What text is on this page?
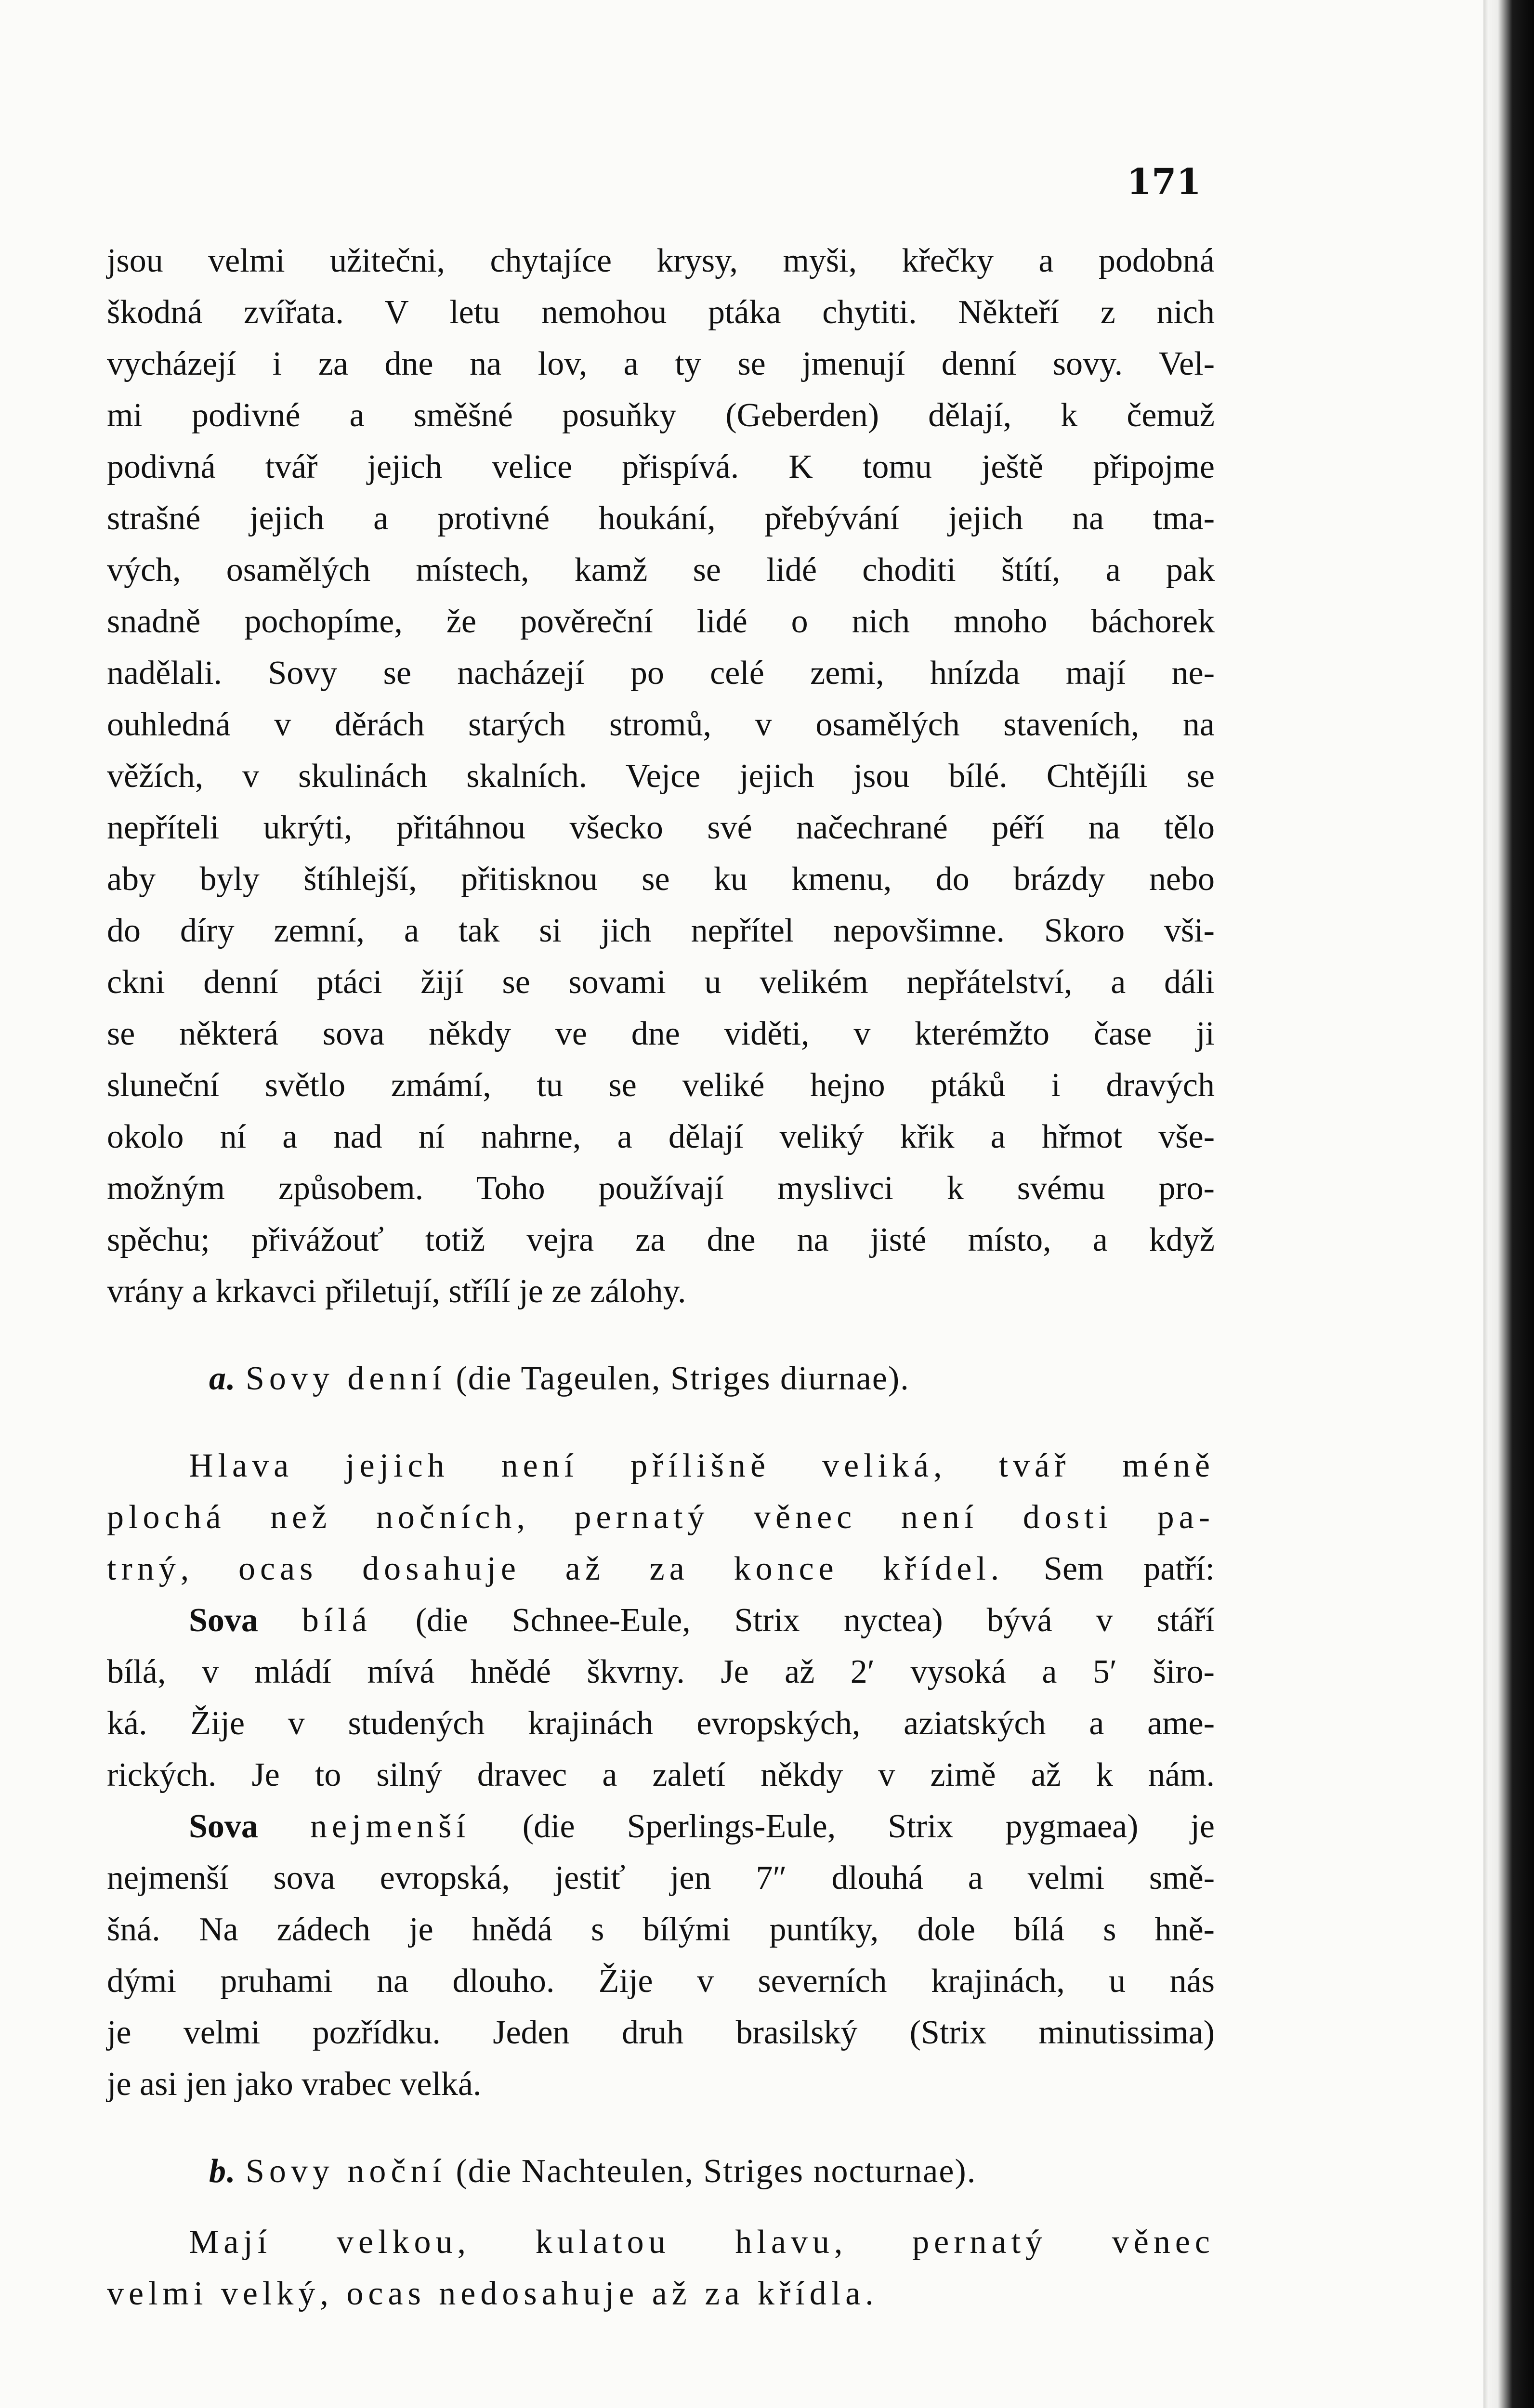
171
jsou velmi užitečni, chytajíce krysy, myši, křečky a podobná
škodná zvířata. V letu nemohou ptáka chytiti. Někteří z nich
vycházejí i za dne na lov, a ty se jmenují denní sovy. Vel-
mi podivné a směšné posuňky (Geberden) dělají, k čemuž
podivná tvář jejich velice přispívá. K tomu ještě připojme
strašné jejich a protivné houkání, přebývání jejich na tma-
vých, osamělých místech, kamž se lidé choditi štítí, a pak
snadně pochopíme, že pověreční lidé o nich mnoho báchorek
nadělali. Sovy se nacházejí po celé zemi, hnízda mají ne-
ouhledná v děrách starých stromů, v osamělých staveních, na
věžích, v skulinách skalních. Vejce jejich jsou bílé. Chtějíli se
nepříteli ukrýti, přitáhnou všecko své načechrané péří na tělo
aby byly štíhlejší, přitisknou se ku kmenu, do brázdy nebo
do díry zemní, a tak si jich nepřítel nepovšimne. Skoro vši-
ckni denní ptáci žijí se sovami u velikém nepřátelství, a dáli
se některá sova někdy ve dne viděti, v kterémžto čase ji
sluneční světlo zmámí, tu se veliké hejno ptáků i dravých
okolo ní a nad ní nahrne, a dělají veliký křik a hřmot vše-
možným způsobem. Toho používají myslivci k svému pro-
spěchu; přivážouť totiž vejra za dne na jisté místo, a když
vrány a krkavci přiletují, střílí je ze zálohy.
a. Sovy denní (die Tageulen, Striges diurnae).
Hlava jejich není přílišně veliká, tvář méně
plochá než nočních, pernatý věnec není dosti pa-
trný, ocas dosahuje až za konce křídel. Sem patří:
Sova bílá (die Schnee-Eule, Strix nyctea) bývá v stáří
bílá, v mládí mívá hnědé škvrny. Je až 2′ vysoká a 5′ širo-
ká. Žije v studených krajinách evropských, aziatských a ame-
rických. Je to silný dravec a zaletí někdy v zimě až k nám.
Sova nejmenší (die Sperlings-Eule, Strix pygmaea) je
nejmenší sova evropská, jestiť jen 7″ dlouhá a velmi smě-
šná. Na zádech je hnědá s bílými puntíky, dole bílá s hně-
dými pruhami na dlouho. Žije v severních krajinách, u nás
je velmi pozřídku. Jeden druh brasilský (Strix minutissima)
je asi jen jako vrabec velká.
b. Sovy noční (die Nachteulen, Striges nocturnae).
Mají velkou, kulatou hlavu, pernatý věnec
velmi velký, ocas nedosahuje až za křídla.
